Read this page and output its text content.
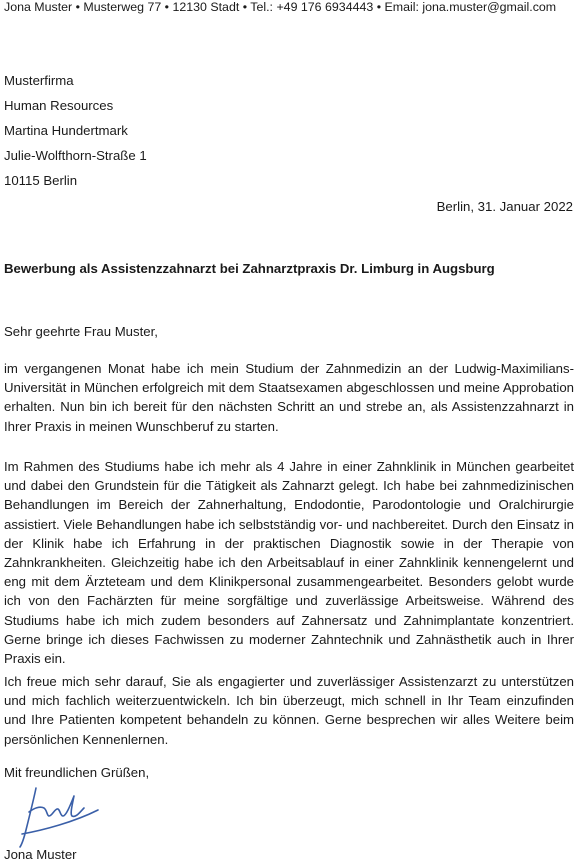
Jona Muster • Musterweg 77 • 12130 Stadt • Tel.: +49 176 6934443 • Email: jona.muster@gmail.com
Musterfirma
Human Resources
Martina Hundertmark
Julie-Wolfthorn-Straße 1
10115 Berlin
Berlin, 31. Januar 2022
Bewerbung als Assistenzzahnarzt bei Zahnarztpraxis Dr. Limburg in Augsburg
Sehr geehrte Frau Muster,

im vergangenen Monat habe ich mein Studium der Zahnmedizin an der Ludwig-Maximilians-Universität in München erfolgreich mit dem Staatsexamen abgeschlossen und meine Approbation erhalten. Nun bin ich bereit für den nächsten Schritt an und strebe an, als Assistenzzahnarzt in Ihrer Praxis in meinen Wunschberuf zu starten.

Im Rahmen des Studiums habe ich mehr als 4 Jahre in einer Zahnklinik in München gearbeitet und dabei den Grundstein für die Tätigkeit als Zahnarzt gelegt. Ich habe bei zahnmedizinischen Behandlungen im Bereich der Zahnerhaltung, Endodontie, Parodontologie und Oralchirurgie assistiert. Viele Behandlungen habe ich selbstständig vor- und nachbereitet. Durch den Einsatz in der Klinik habe ich Erfahrung in der praktischen Diagnostik sowie in der Therapie von Zahnkrankheiten. Gleichzeitig habe ich den Arbeitsablauf in einer Zahnklinik kennengelernt und eng mit dem Ärzteteam und dem Klinikpersonal zusammengearbeitet. Besonders gelobt wurde ich von den Fachärzten für meine sorgfältige und zuverlässige Arbeitsweise. Während des Studiums habe ich mich zudem besonders auf Zahnersatz und Zahnimplantate konzentriert. Gerne bringe ich dieses Fachwissen zu moderner Zahntechnik und Zahnästhetik auch in Ihrer Praxis ein.

Ich freue mich sehr darauf, Sie als engagierter und zuverlässiger Assistenzarzt zu unterstützen und mich fachlich weiterzuentwickeln. Ich bin überzeugt, mich schnell in Ihr Team einzufinden und Ihre Patienten kompetent behandeln zu können. Gerne besprechen wir alles Weitere beim persönlichen Kennenlernen.

Mit freundlichen Grüßen,
Jona Muster
